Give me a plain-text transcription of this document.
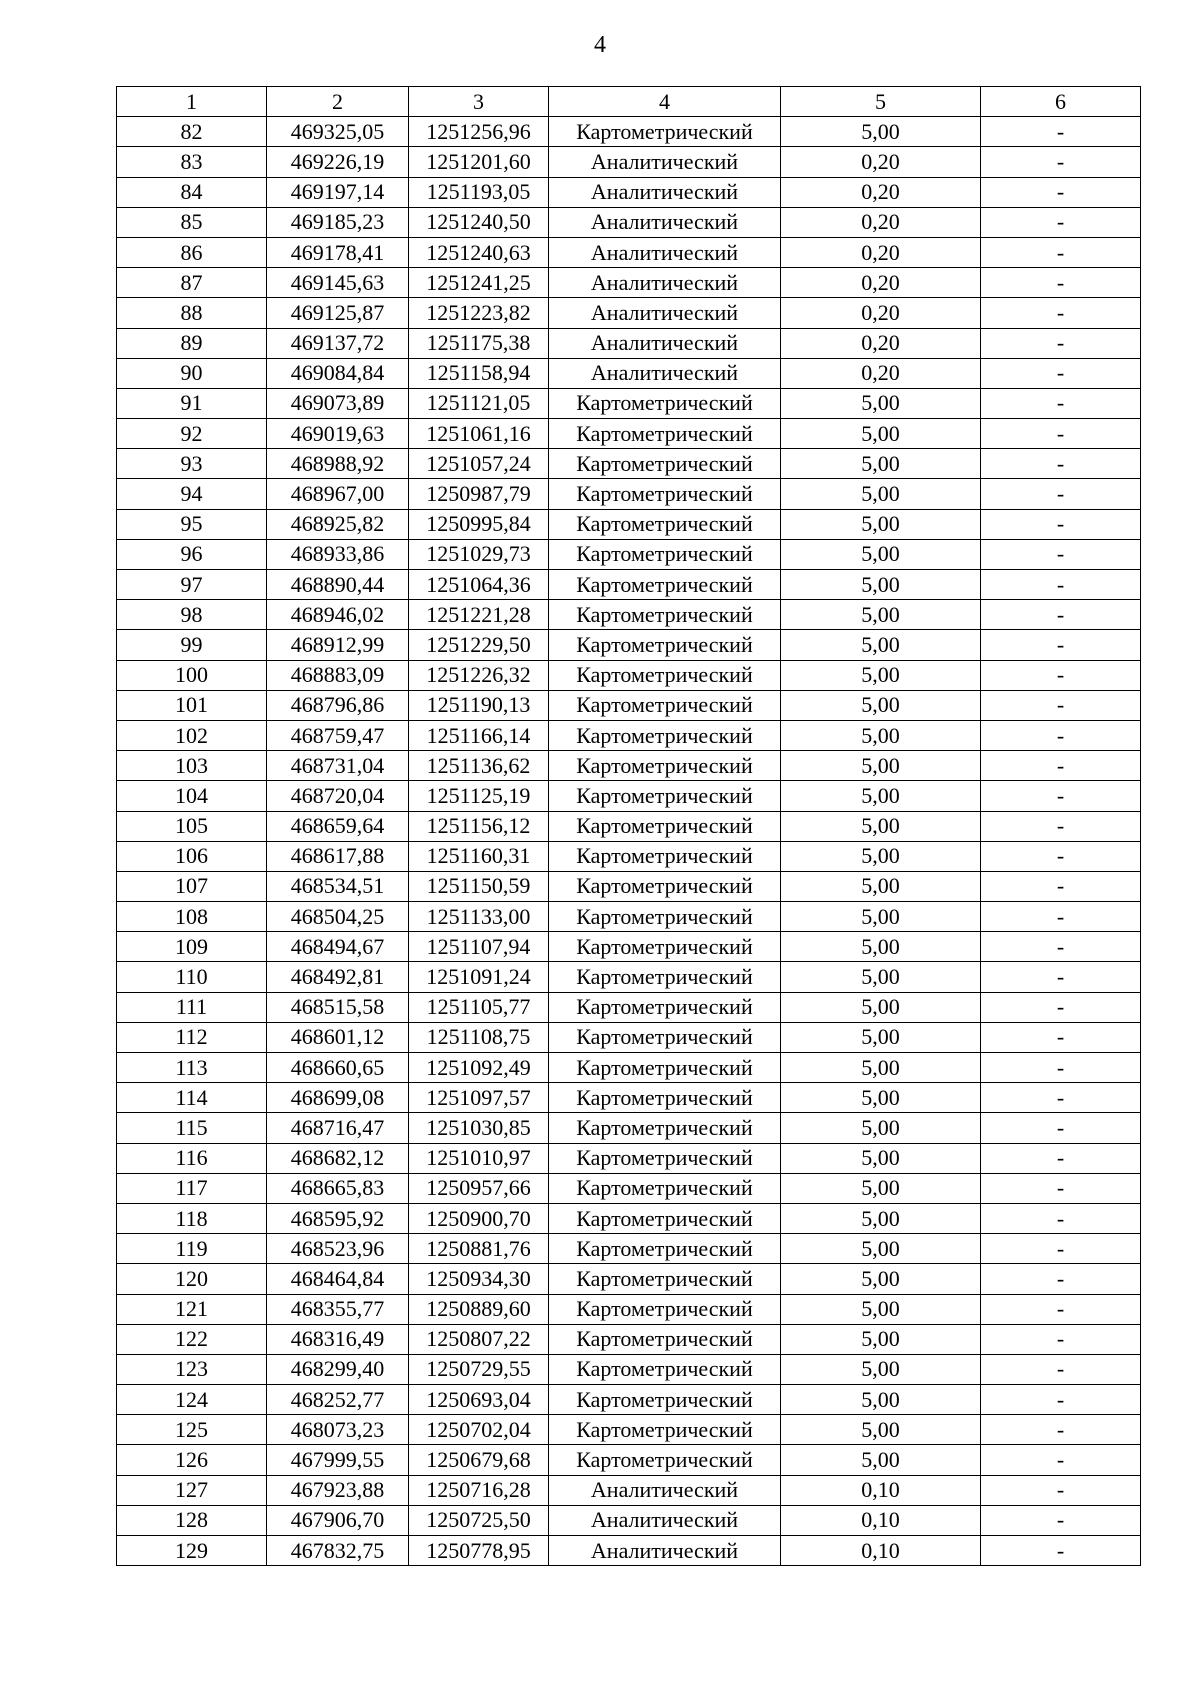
4
1	2	3	4	5	6
82	469325,05	1251256,96	Картометрический	5,00	-
83	469226,19	1251201,60	Аналитический	0,20	-
84	469197,14	1251193,05	Аналитический	0,20	-
85	469185,23	1251240,50	Аналитический	0,20	-
86	469178,41	1251240,63	Аналитический	0,20	-
87	469145,63	1251241,25	Аналитический	0,20	-
88	469125,87	1251223,82	Аналитический	0,20	-
89	469137,72	1251175,38	Аналитический	0,20	-
90	469084,84	1251158,94	Аналитический	0,20	-
91	469073,89	1251121,05	Картометрический	5,00	-
92	469019,63	1251061,16	Картометрический	5,00	-
93	468988,92	1251057,24	Картометрический	5,00	-
94	468967,00	1250987,79	Картометрический	5,00	-
95	468925,82	1250995,84	Картометрический	5,00	-
96	468933,86	1251029,73	Картометрический	5,00	-
97	468890,44	1251064,36	Картометрический	5,00	-
98	468946,02	1251221,28	Картометрический	5,00	-
99	468912,99	1251229,50	Картометрический	5,00	-
100	468883,09	1251226,32	Картометрический	5,00	-
101	468796,86	1251190,13	Картометрический	5,00	-
102	468759,47	1251166,14	Картометрический	5,00	-
103	468731,04	1251136,62	Картометрический	5,00	-
104	468720,04	1251125,19	Картометрический	5,00	-
105	468659,64	1251156,12	Картометрический	5,00	-
106	468617,88	1251160,31	Картометрический	5,00	-
107	468534,51	1251150,59	Картометрический	5,00	-
108	468504,25	1251133,00	Картометрический	5,00	-
109	468494,67	1251107,94	Картометрический	5,00	-
110	468492,81	1251091,24	Картометрический	5,00	-
111	468515,58	1251105,77	Картометрический	5,00	-
112	468601,12	1251108,75	Картометрический	5,00	-
113	468660,65	1251092,49	Картометрический	5,00	-
114	468699,08	1251097,57	Картометрический	5,00	-
115	468716,47	1251030,85	Картометрический	5,00	-
116	468682,12	1251010,97	Картометрический	5,00	-
117	468665,83	1250957,66	Картометрический	5,00	-
118	468595,92	1250900,70	Картометрический	5,00	-
119	468523,96	1250881,76	Картометрический	5,00	-
120	468464,84	1250934,30	Картометрический	5,00	-
121	468355,77	1250889,60	Картометрический	5,00	-
122	468316,49	1250807,22	Картометрический	5,00	-
123	468299,40	1250729,55	Картометрический	5,00	-
124	468252,77	1250693,04	Картометрический	5,00	-
125	468073,23	1250702,04	Картометрический	5,00	-
126	467999,55	1250679,68	Картометрический	5,00	-
127	467923,88	1250716,28	Аналитический	0,10	-
128	467906,70	1250725,50	Аналитический	0,10	-
129	467832,75	1250778,95	Аналитический	0,10	-
